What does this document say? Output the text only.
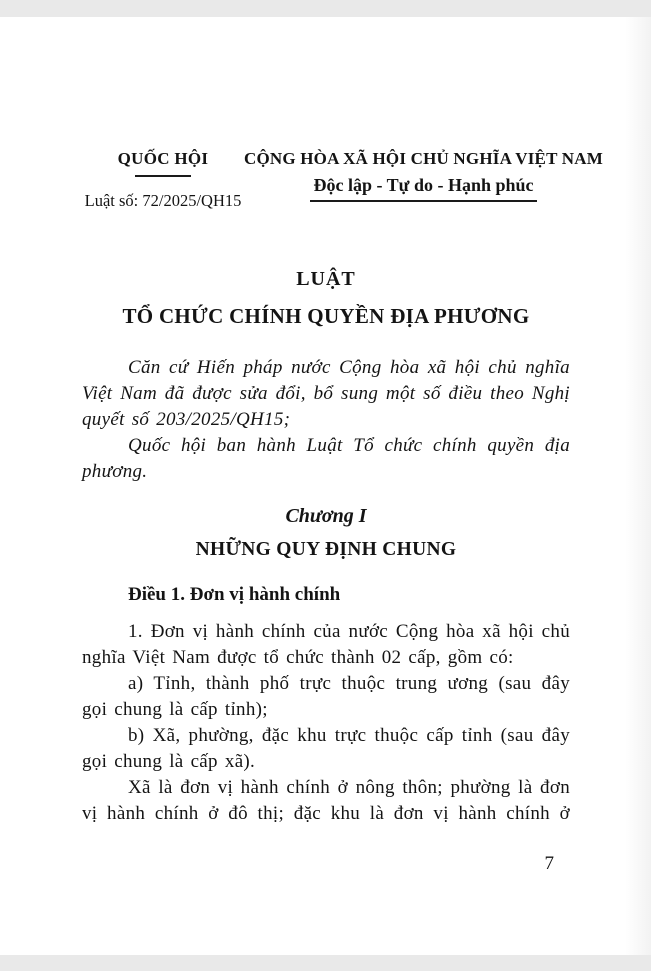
QUỐC HỘI
Luật số: 72/2025/QH15
CỘNG HÒA XÃ HỘI CHỦ NGHĨA VIỆT NAM
Độc lập - Tự do - Hạnh phúc
LUẬT
TỔ CHỨC CHÍNH QUYỀN ĐỊA PHƯƠNG

Căn cứ Hiến pháp nước Cộng hòa xã hội chủ nghĩa Việt Nam đã được sửa đổi, bổ sung một số điều theo Nghị quyết số 203/2025/QH15;

Quốc hội ban hành Luật Tổ chức chính quyền địa phương.

Chương I
NHỮNG QUY ĐỊNH CHUNG
Điều 1. Đơn vị hành chính

1. Đơn vị hành chính của nước Cộng hòa xã hội chủ nghĩa Việt Nam được tổ chức thành 02 cấp, gồm có:

a) Tỉnh, thành phố trực thuộc trung ương (sau đây gọi chung là cấp tỉnh);

b) Xã, phường, đặc khu trực thuộc cấp tỉnh (sau đây gọi chung là cấp xã).

Xã là đơn vị hành chính ở nông thôn; phường là đơn vị hành chính ở đô thị; đặc khu là đơn vị hành chính ở

7
